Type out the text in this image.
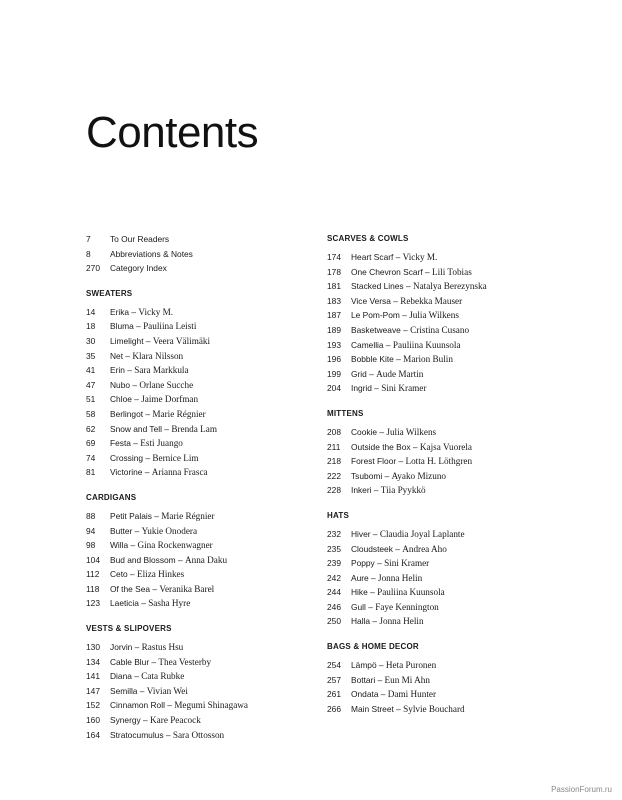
Contents
7 To Our Readers
8 Abbreviations & Notes
270 Category Index
SWEATERS
14 Erika – Vicky M.
18 Bluma – Pauliina Leisti
30 Limelight – Veera Välimäki
35 Net – Klara Nilsson
41 Erin – Sara Markkula
47 Nubo – Orlane Sucche
51 Chloe – Jaime Dorfman
58 Berlingot – Marie Régnier
62 Snow and Tell – Brenda Lam
69 Festa – Esti Juango
74 Crossing – Bernice Lim
81 Victorine – Arianna Frasca
CARDIGANS
88 Petit Palais – Marie Régnier
94 Butter – Yukie Onodera
98 Willa – Gina Rockenwagner
104 Bud and Blossom – Anna Daku
112 Ceto – Eliza Hinkes
118 Of the Sea – Veranika Barel
123 Laeticia – Sasha Hyre
VESTS & SLIPOVERS
130 Jorvin – Rastus Hsu
134 Cable Blur – Thea Vesterby
141 Diana – Cata Rubke
147 Semilla – Vivian Wei
152 Cinnamon Roll – Megumi Shinagawa
160 Synergy – Kare Peacock
164 Stratocumulus – Sara Ottosson
SCARVES & COWLS
174 Heart Scarf – Vicky M.
178 One Chevron Scarf – Lili Tobias
181 Stacked Lines – Natalya Berezynska
183 Vice Versa – Rebekka Mauser
187 Le Pom-Pom – Julia Wilkens
189 Basketweave – Cristina Cusano
193 Camellia – Pauliina Kuunsola
196 Bobble Kite – Marion Bulin
199 Grid – Aude Martin
204 Ingrid – Sini Kramer
MITTENS
208 Cookie – Julia Wilkens
211 Outside the Box – Kajsa Vuorela
218 Forest Floor – Lotta H. Löthgren
222 Tsubomi – Ayako Mizuno
228 Inkeri – Tiia Pyykkö
HATS
232 Hiver – Claudia Joyal Laplante
235 Cloudsteek – Andrea Aho
239 Poppy – Sini Kramer
242 Aure – Jonna Helin
244 Hike – Pauliina Kuunsola
246 Gull – Faye Kennington
250 Halla – Jonna Helin
BAGS & HOME DECOR
254 Lämpö – Heta Puronen
257 Bottari – Eun Mi Ahn
261 Ondata – Dami Hunter
266 Main Street – Sylvie Bouchard
PassionForum.ru
